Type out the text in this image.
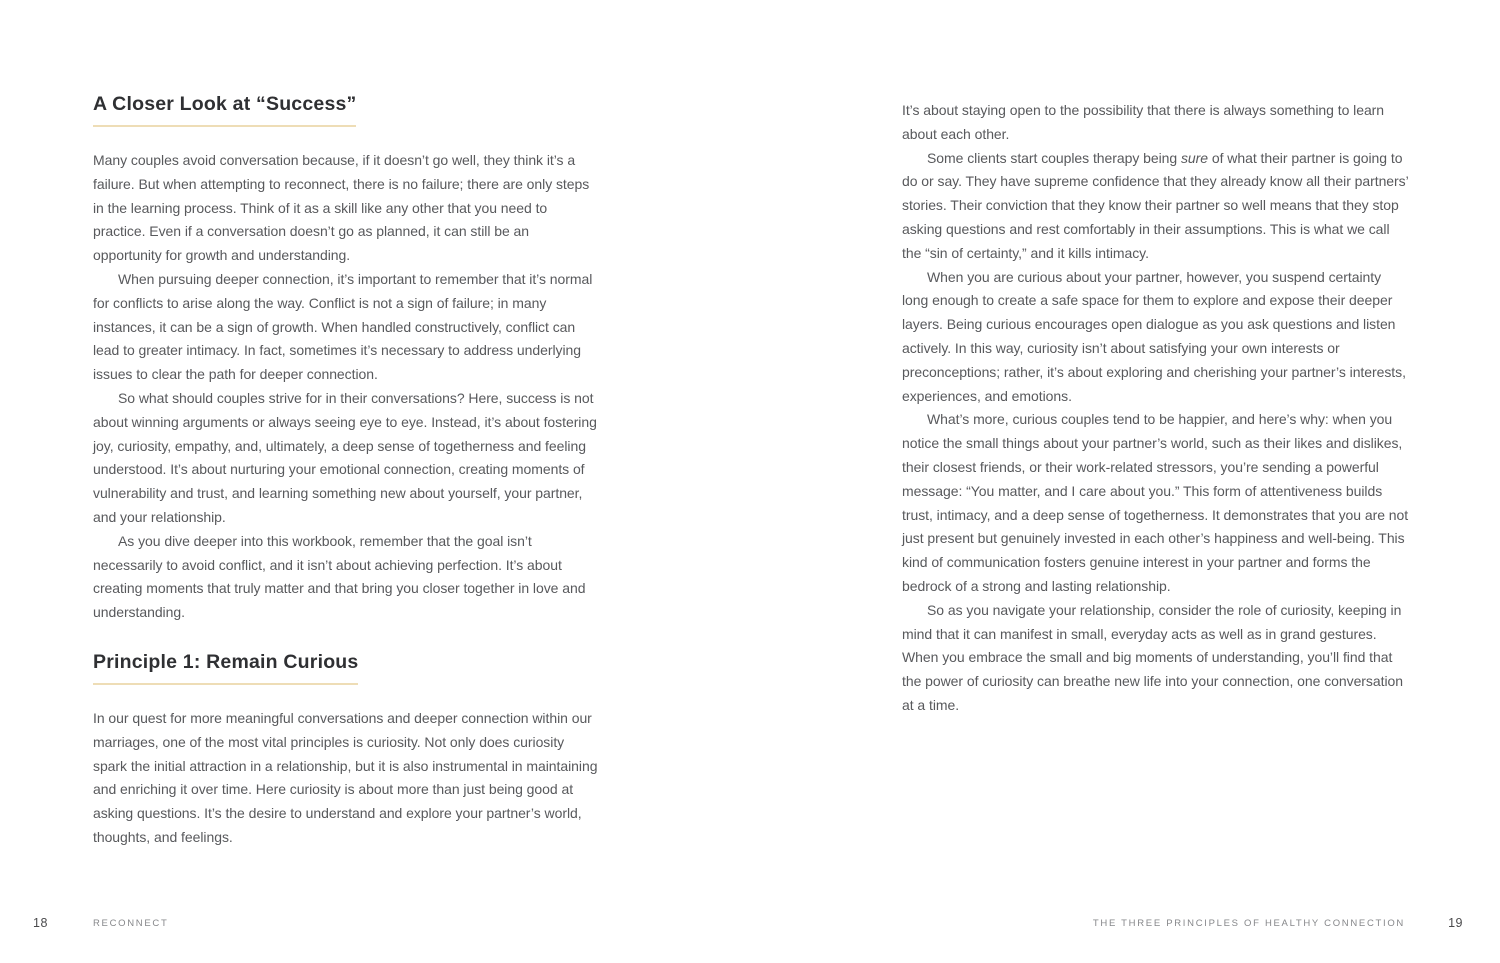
A Closer Look at “Success”

Many couples avoid conversation because, if it doesn’t go well, they think it’s a failure. But when attempting to reconnect, there is no failure; there are only steps in the learning process. Think of it as a skill like any other that you need to practice. Even if a conversation doesn’t go as planned, it can still be an opportunity for growth and understanding.

When pursuing deeper connection, it’s important to remember that it’s normal for conflicts to arise along the way. Conflict is not a sign of failure; in many instances, it can be a sign of growth. When handled constructively, conflict can lead to greater intimacy. In fact, sometimes it’s necessary to address underlying issues to clear the path for deeper connection.

So what should couples strive for in their conversations? Here, success is not about winning arguments or always seeing eye to eye. Instead, it’s about fostering joy, curiosity, empathy, and, ultimately, a deep sense of togetherness and feeling understood. It’s about nurturing your emotional connection, creating moments of vulnerability and trust, and learning something new about yourself, your partner, and your relationship.

As you dive deeper into this workbook, remember that the goal isn’t necessarily to avoid conflict, and it isn’t about achieving perfection. It’s about creating moments that truly matter and that bring you closer together in love and understanding.

Principle 1: Remain Curious

In our quest for more meaningful conversations and deeper connection within our marriages, one of the most vital principles is curiosity. Not only does curiosity spark the initial attraction in a relationship, but it is also instrumental in maintaining and enriching it over time. Here curiosity is about more than just being good at asking questions. It’s the desire to understand and explore your partner’s world, thoughts, and feelings.

It’s about staying open to the possibility that there is always something to learn about each other.

Some clients start couples therapy being sure of what their partner is going to do or say. They have supreme confidence that they already know all their partners’ stories. Their conviction that they know their partner so well means that they stop asking questions and rest comfortably in their assumptions. This is what we call the “sin of certainty,” and it kills intimacy.

When you are curious about your partner, however, you suspend certainty long enough to create a safe space for them to explore and expose their deeper layers. Being curious encourages open dialogue as you ask questions and listen actively. In this way, curiosity isn’t about satisfying your own interests or preconceptions; rather, it’s about exploring and cherishing your partner’s interests, experiences, and emotions.

What’s more, curious couples tend to be happier, and here’s why: when you notice the small things about your partner’s world, such as their likes and dislikes, their closest friends, or their work-related stressors, you’re sending a powerful message: “You matter, and I care about you.” This form of attentiveness builds trust, intimacy, and a deep sense of togetherness. It demonstrates that you are not just present but genuinely invested in each other’s happiness and well-being. This kind of communication fosters genuine interest in your partner and forms the bedrock of a strong and lasting relationship.

So as you navigate your relationship, consider the role of curiosity, keeping in mind that it can manifest in small, everyday acts as well as in grand gestures. When you embrace the small and big moments of understanding, you’ll find that the power of curiosity can breathe new life into your connection, one conversation at a time.

18	RECONNECT	THE THREE PRINCIPLES OF HEALTHY CONNECTION	19
